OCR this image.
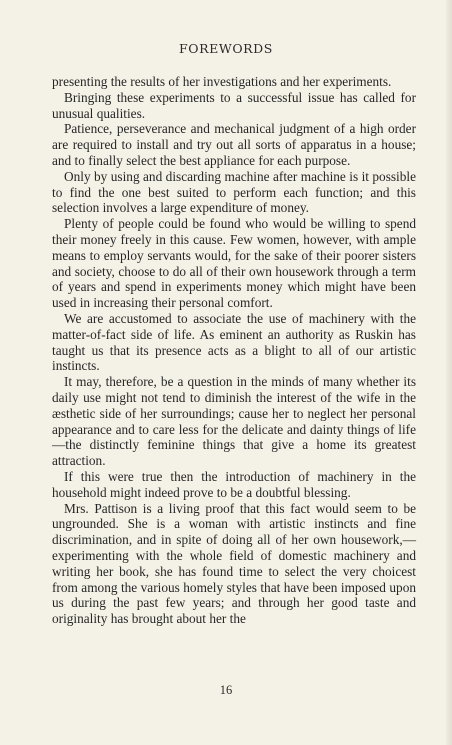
FOREWORDS

presenting the results of her investigations and her experiments.

Bringing these experiments to a successful issue has called for unusual qualities.

Patience, perseverance and mechanical judgment of a high order are required to install and try out all sorts of apparatus in a house; and to finally select the best appliance for each purpose.

Only by using and discarding machine after machine is it possible to find the one best suited to perform each function; and this selection involves a large expenditure of money.

Plenty of people could be found who would be willing to spend their money freely in this cause. Few women, however, with ample means to employ servants would, for the sake of their poorer sisters and society, choose to do all of their own housework through a term of years and spend in experiments money which might have been used in increasing their personal comfort.

We are accustomed to associate the use of machinery with the matter-of-fact side of life. As eminent an authority as Ruskin has taught us that its presence acts as a blight to all of our artistic instincts.

It may, therefore, be a question in the minds of many whether its daily use might not tend to diminish the interest of the wife in the æsthetic side of her surroundings; cause her to neglect her personal appearance and to care less for the delicate and dainty things of life—the distinctly feminine things that give a home its greatest attraction.

If this were true then the introduction of machinery in the household might indeed prove to be a doubtful blessing.

Mrs. Pattison is a living proof that this fact would seem to be ungrounded. She is a woman with artistic instincts and fine discrimination, and in spite of doing all of her own housework,—experimenting with the whole field of domestic machinery and writing her book, she has found time to select the very choicest from among the various homely styles that have been imposed upon us during the past few years; and through her good taste and originality has brought about her the

16
